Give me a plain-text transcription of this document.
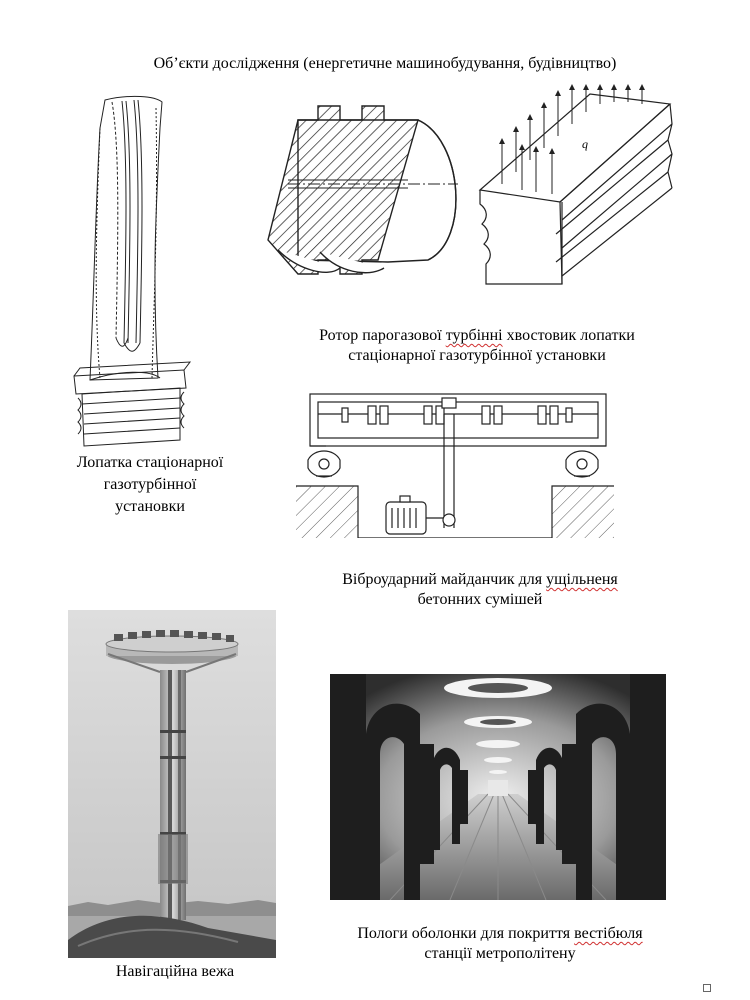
Об’єкти дослідження (енергетичне машинобудування, будівництво)
q
Лопатка стаціонарної
газотурбінної
установки
Ротор парогазової турбінні хвостовик лопатки
стаціонарної газотурбінної установки
Віброударний майданчик для ущільненя
бетонних сумішей
Навігаційна вежа
Пологи оболонки для покриття вестібюля
станції метрополітену
